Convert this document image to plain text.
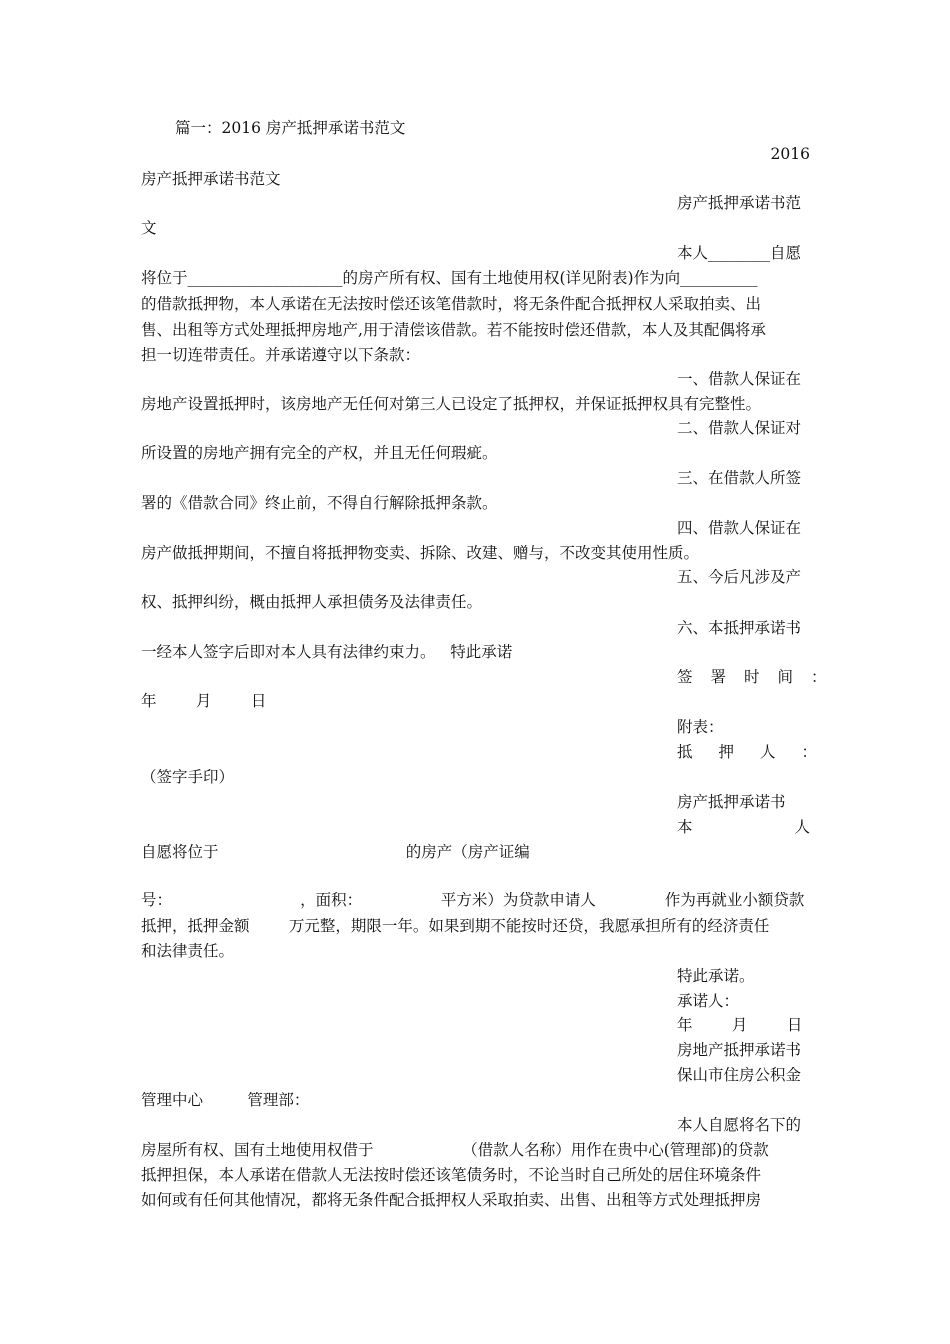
篇一：2016 房产抵押承诺书范文
2016
房产抵押承诺书范文
房产抵押承诺书范
文
本人________自愿
将位于____________________的房产所有权、国有土地使用权(详见附表)作为向__________
的借款抵押物，本人承诺在无法按时偿还该笔借款时，将无条件配合抵押权人采取拍卖、出
售、出租等方式处理抵押房地产,用于清偿该借款。若不能按时偿还借款，本人及其配偶将承
担一切连带责任。并承诺遵守以下条款：
一、借款人保证在
房地产设置抵押时，该房地产无任何对第三人已设定了抵押权，并保证抵押权具有完整性。
二、借款人保证对
所设置的房地产拥有完全的产权，并且无任何瑕疵。
三、在借款人所签
署的《借款合同》终止前，不得自行解除抵押条款。
四、借款人保证在
房产做抵押期间，不擅自将抵押物变卖、拆除、改建、赠与，不改变其使用性质。
五、今后凡涉及产
权、抵押纠纷，概由抵押人承担债务及法律责任。
六、本抵押承诺书
一经本人签字后即对本人具有法律约束力。   特此承诺
签署时间：
年        月        日
附表：
抵押人：
（签字手印）
房产抵押承诺书
本	人
自愿将位于                                      的房产（房产证编
号：                          ，面积：                平方米）为贷款申请人              作为再就业小额贷款
抵押，抵押金额        万元整，期限一年。如果到期不能按时还贷，我愿承担所有的经济责任
和法律责任。
特此承诺。
承诺人：
年        月        日
房地产抵押承诺书
保山市住房公积金
管理中心         管理部：
本人自愿将名下的
房屋所有权、国有土地使用权借于                  （借款人名称）用作在贵中心(管理部)的贷款
抵押担保，本人承诺在借款人无法按时偿还该笔债务时，不论当时自己所处的居住环境条件
如何或有任何其他情况，都将无条件配合抵押权人采取拍卖、出售、出租等方式处理抵押房
